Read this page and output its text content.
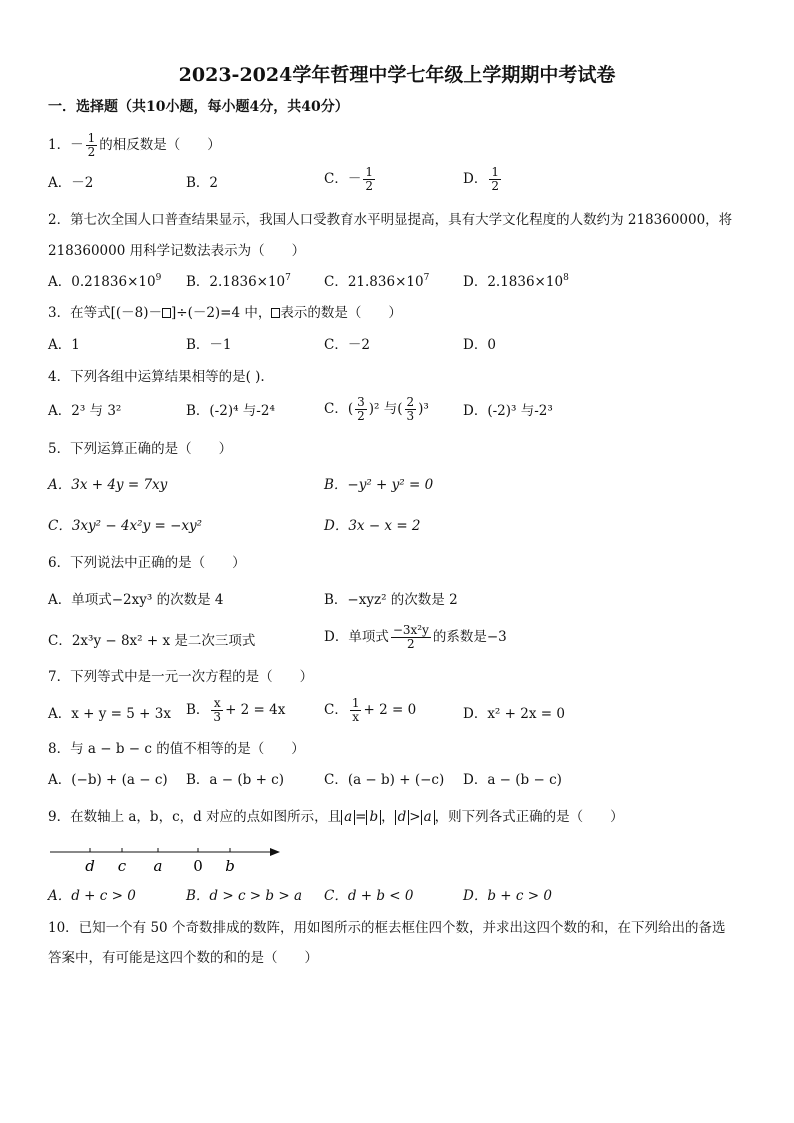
2023-2024学年哲理中学七年级上学期期中考试卷
一．选择题（共10小题，每小题4分，共40分）
1．－ $\frac{1}{2}$ 的相反数是（　　）
A．－2	B．2	C．－ $\frac{1}{2}$	D． $\frac{1}{2}$
2．第七次全国人口普查结果显示，我国人口受教育水平明显提高，具有大学文化程度的人数约为 218360000，将
218360000 用科学记数法表示为（　　）
A．$0.21836\times 10^9$ B．$2.1836\times 10^7$ C．$21.836\times 10^7$ D．$2.1836\times 10^8$
3．在等式[(－8)－ ]÷(－2)=4 中， 表示的数是（　　）
A．1	B．－1	C．－2	D．0
4．下列各组中运算结果相等的是( ).
A．2³ 与 3²	B．(-2)⁴ 与-2⁴	C．( $\frac{3}{2} )^2$ 与( $\frac{2}{3} )^3$	D．(-2)³ 与-2³
5．下列运算正确的是（　　）
A．3x + 4y = 7xy	B．−y² + y² = 0
C．3xy² − 4x²y = −xy²	D．3x − x = 2
6．下列说法中正确的是（　　）
A．单项式−2xy³ 的次数是 4	B．−xyz² 的次数是 2
C．2x³y − 8x² + x 是二次三项式	D．单项式 $\frac{\text{−3x²y}}{2}$ 的系数是−3
7．下列等式中是一元一次方程的是（　　）
A．x + y = 5 + 3x B． $\frac{x}{3} + 2 = 4x$	C． $\frac{1}{x} + 2 = 0$	D．x² + 2x = 0
8．与 a − b − c 的值不相等的是（　　）
A．(−b) + (a − c) B．a − (b + c)	C．(a − b) + (−c) D．a − (b − c)
9．在数轴上 a，b，c，d 对应的点如图所示，且 a = b ， d > a ，则下列各式正确的是（　　）
d c a 0 b
A．d + c > 0	B．d > c > b > a C．d + b < 0	D．b + c > 0
10．已知一个有 50 个奇数排成的数阵，用如图所示的框去框住四个数，并求出这四个数的和，在下列给出的备选
答案中，有可能是这四个数的和的是（　　）
